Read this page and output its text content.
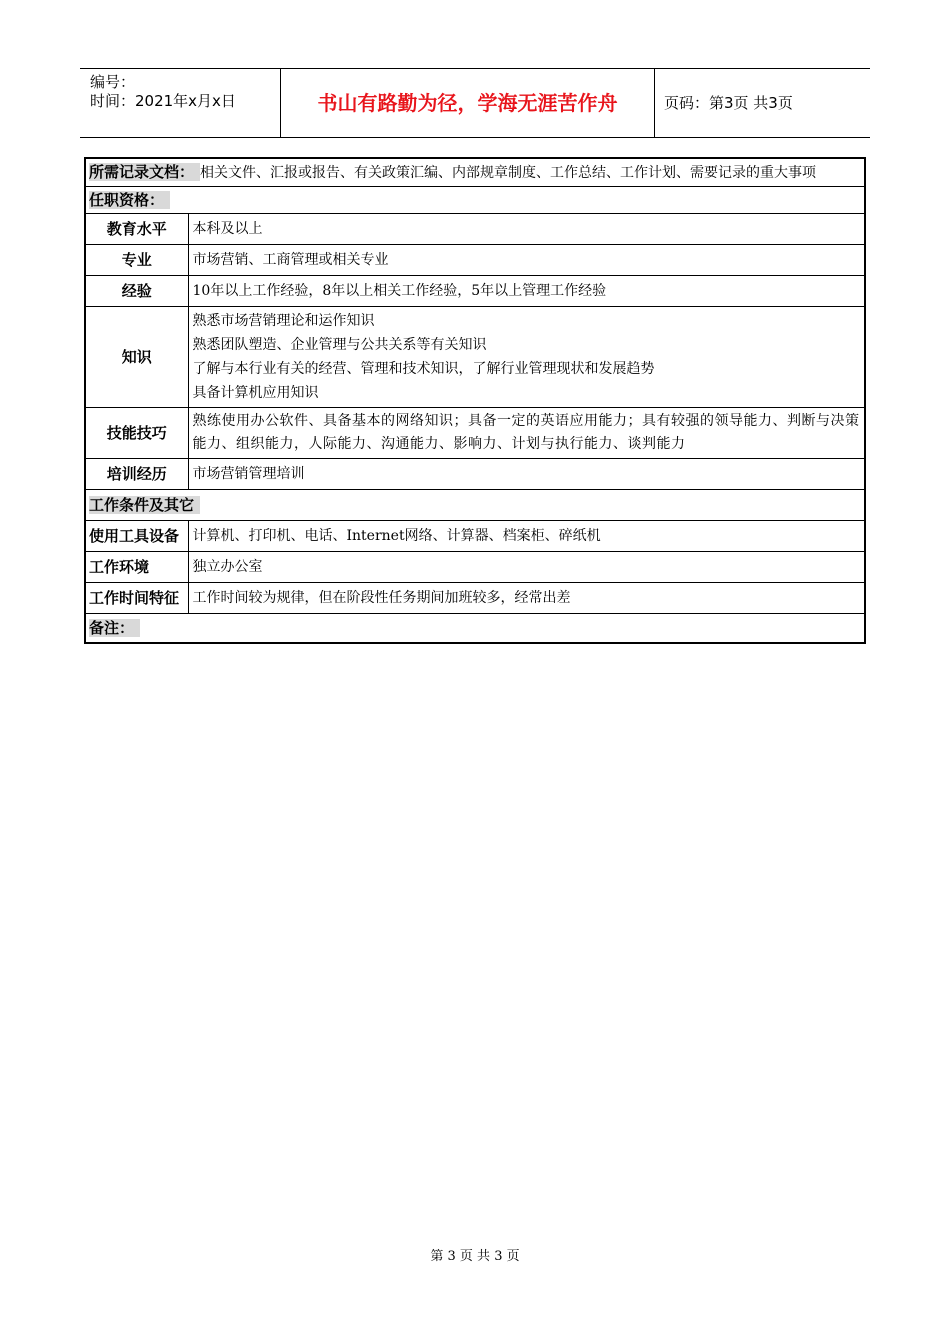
编号：
时间：2021年x月x日	书山有路勤为径，学海无涯苦作舟	页码：第3页 共3页
所需记录文档： 相关文件、汇报或报告、有关政策汇编、内部规章制度、工作总结、工作计划、需要记录的重大事项	
任职资格：	
教育水平	本科及以上
专业	市场营销、工商管理或相关专业
经验	10年以上工作经验，8年以上相关工作经验，5年以上管理工作经验
知识	熟悉市场营销理论和运作知识
熟悉团队塑造、企业管理与公共关系等有关知识
了解与本行业有关的经营、管理和技术知识，了解行业管理现状和发展趋势
具备计算机应用知识

技能技巧	熟练使用办公软件、具备基本的网络知识；具备一定的英语应用能力；具有较强的领导能力、判断与决策能力、组织能力，人际能力、沟通能力、影响力、计划与执行能力、谈判能力
培训经历	市场营销管理培训
工作条件及其它	
使用工具设备	计算机、打印机、电话、Internet网络、计算器、档案柜、碎纸机
工作环境	独立办公室
工作时间特征	工作时间较为规律，但在阶段性任务期间加班较多，经常出差
备注：	
第 3 页 共 3 页
